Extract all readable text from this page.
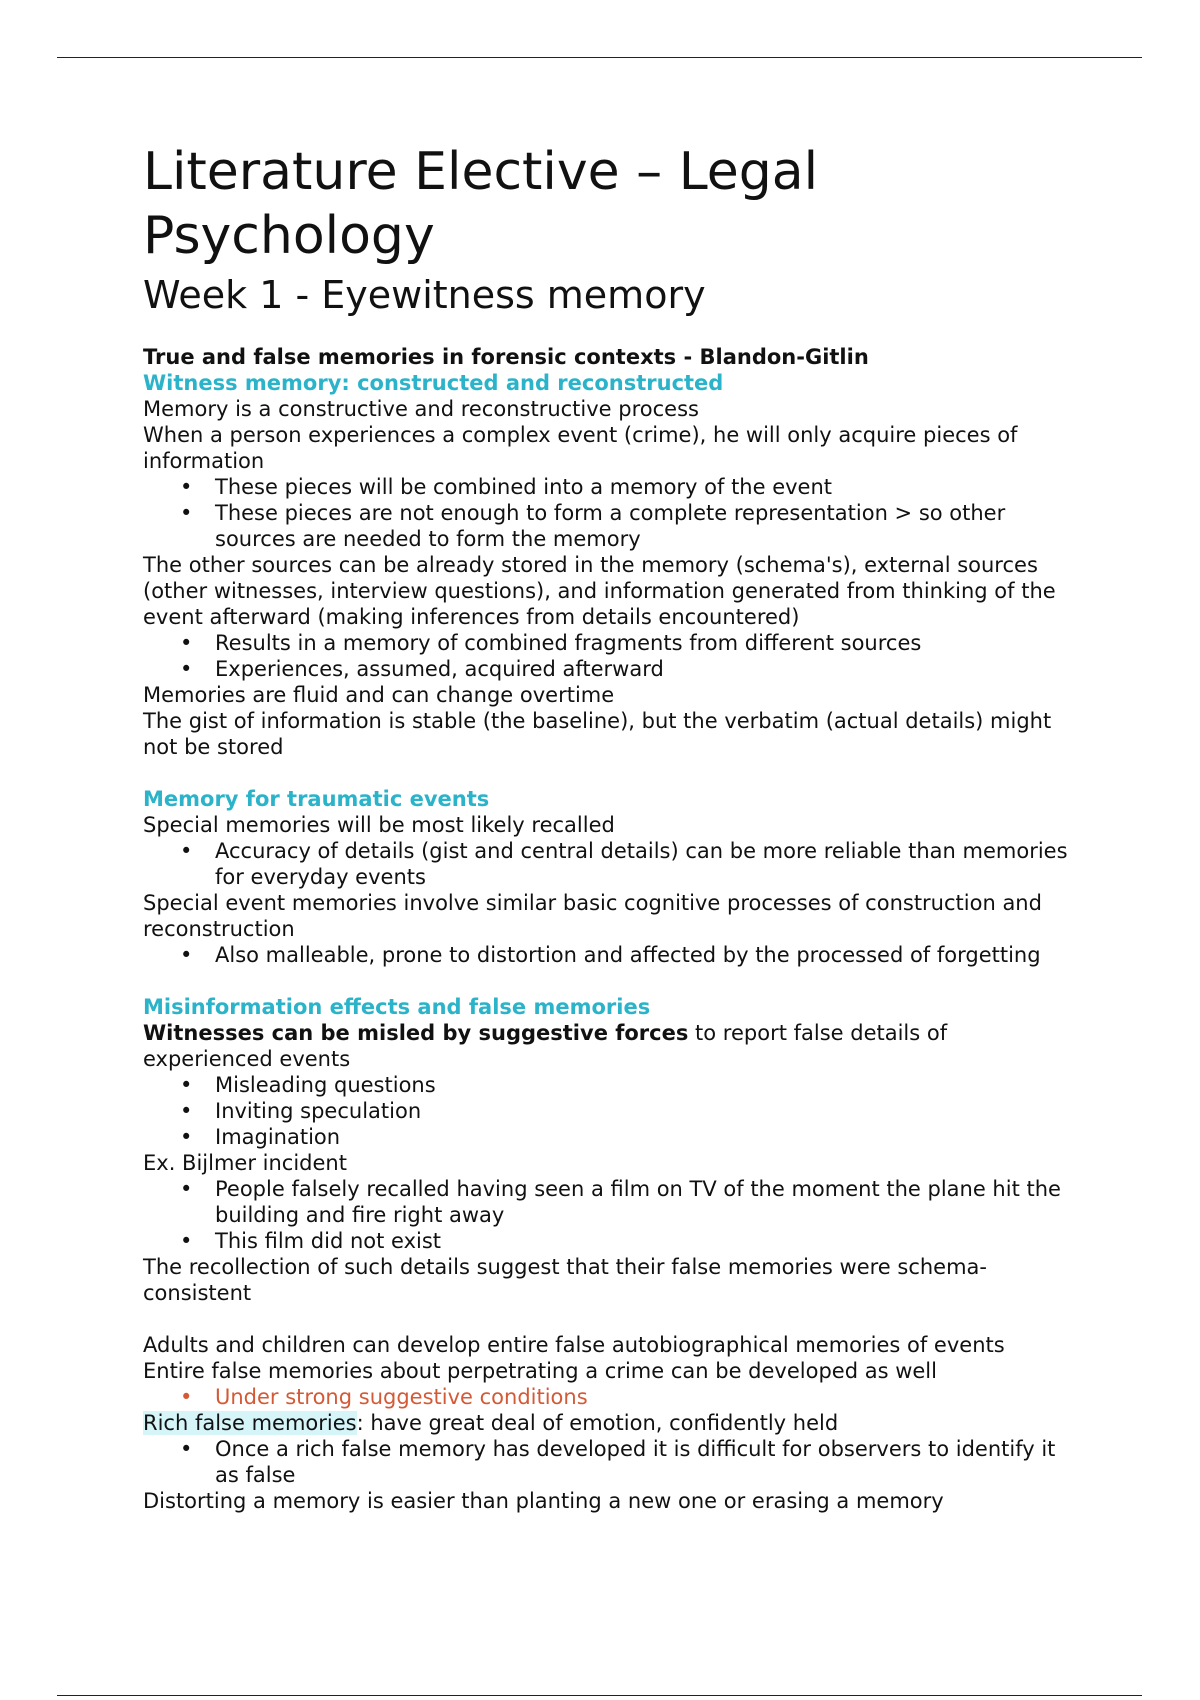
Literature Elective – Legal Psychology
Week 1 - Eyewitness memory

True and false memories in forensic contexts - Blandon-Gitlin

Witness memory: constructed and reconstructed

Memory is a constructive and reconstructive process

When a person experiences a complex event (crime), he will only acquire pieces of information

• These pieces will be combined into a memory of the event
• These pieces are not enough to form a complete representation > so other sources are needed to form the memory

The other sources can be already stored in the memory (schema's), external sources (other witnesses, interview questions), and information generated from thinking of the event afterward (making inferences from details encountered)

• Results in a memory of combined fragments from different sources
• Experiences, assumed, acquired afterward

Memories are fluid and can change overtime

The gist of information is stable (the baseline), but the verbatim (actual details) might not be stored

Memory for traumatic events

Special memories will be most likely recalled

• Accuracy of details (gist and central details) can be more reliable than memories for everyday events

Special event memories involve similar basic cognitive processes of construction and reconstruction

• Also malleable, prone to distortion and affected by the processed of forgetting

Misinformation effects and false memories

Witnesses can be misled by suggestive forces to report false details of experienced events

• Misleading questions
• Inviting speculation
• Imagination

Ex. Bijlmer incident

• People falsely recalled having seen a film on TV of the moment the plane hit the building and fire right away
• This film did not exist

The recollection of such details suggest that their false memories were schema-consistent

Adults and children can develop entire false autobiographical memories of events

Entire false memories about perpetrating a crime can be developed as well

• Under strong suggestive conditions

Rich false memories: have great deal of emotion, confidently held

• Once a rich false memory has developed it is difficult for observers to identify it as false

Distorting a memory is easier than planting a new one or erasing a memory
